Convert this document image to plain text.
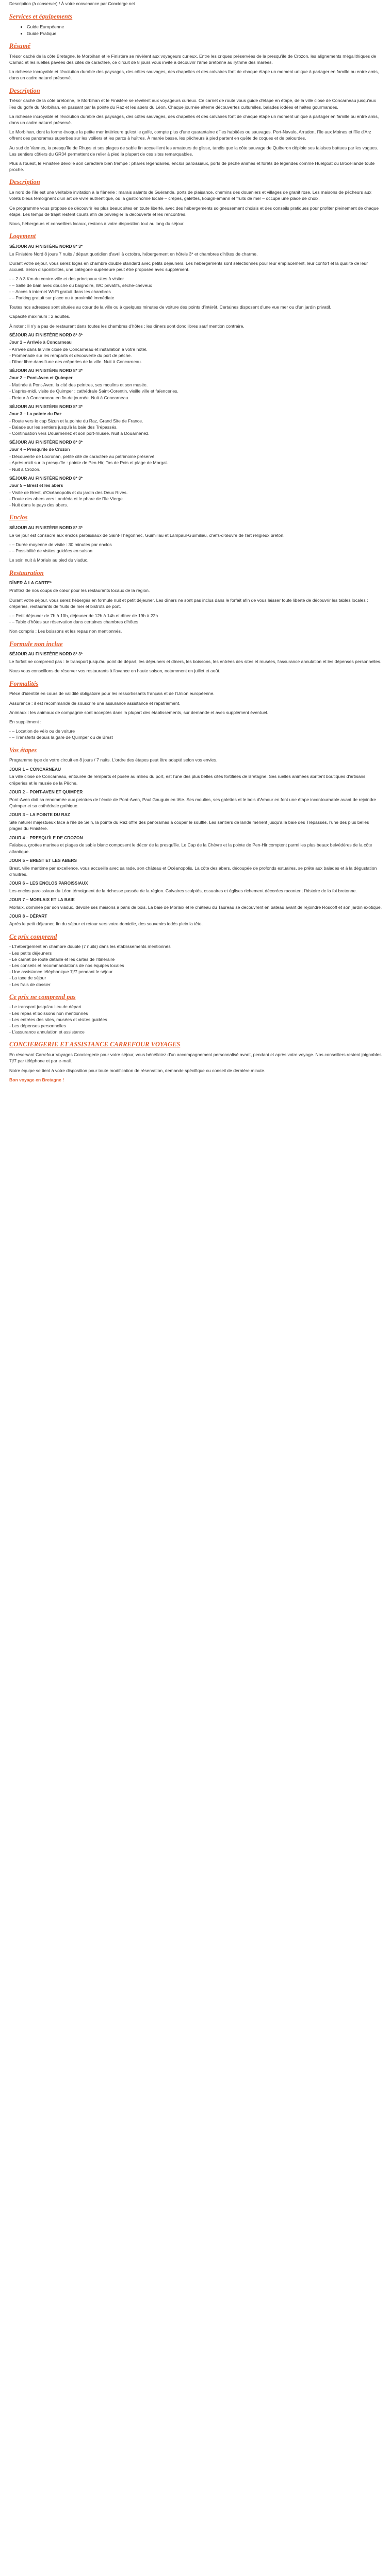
Description (à conserver) / À votre convenance par Concierge.net
Services et équipements
• Guide Européenne
• Guide Pratique
Résumé

Trésor caché de la côte Bretagne, le Morbihan et le Finistère se révèlent aux voyageurs curieux. Entre les criques préservées de la presqu'île de Crozon, les alignements mégalithiques de Carnac et les ruelles pavées des cités de caractère, ce circuit de 8 jours vous invite à découvrir l'âme bretonne au rythme des marées.

La richesse incroyable et l'évolution durable des paysages, des côtes sauvages, des chapelles et des calvaires font de chaque étape un moment unique à partager en famille ou entre amis, dans un cadre naturel préservé.

Description

Trésor caché de la côte bretonne, le Morbihan et le Finistère se révèlent aux voyageurs curieux. Ce carnet de route vous guide d'étape en étape, de la ville close de Concarneau jusqu'aux îles du golfe du Morbihan, en passant par la pointe du Raz et les abers du Léon. Chaque journée alterne découvertes culturelles, balades iodées et haltes gourmandes.

La richesse incroyable et l'évolution durable des paysages, des côtes sauvages, des chapelles et des calvaires font de chaque étape un moment unique à partager en famille ou entre amis, dans un cadre naturel préservé.

Le Morbihan, dont la forme évoque la petite mer intérieure qu'est le golfe, compte plus d'une quarantaine d'îles habitées ou sauvages. Port-Navalo, Arradon, l'île aux Moines et l'île d'Arz offrent des panoramas superbes sur les voiliers et les parcs à huîtres. À marée basse, les pêcheurs à pied partent en quête de coques et de palourdes.

Au sud de Vannes, la presqu'île de Rhuys et ses plages de sable fin accueillent les amateurs de glisse, tandis que la côte sauvage de Quiberon déploie ses falaises battues par les vagues. Les sentiers côtiers du GR34 permettent de relier à pied la plupart de ces sites remarquables.

Plus à l'ouest, le Finistère dévoile son caractère bien trempé : phares légendaires, enclos paroissiaux, ports de pêche animés et forêts de légendes comme Huelgoat ou Brocéliande toute proche.

Description

Le nord de l'île est une véritable invitation à la flânerie : marais salants de Guérande, ports de plaisance, chemins des douaniers et villages de granit rose. Les maisons de pêcheurs aux volets bleus témoignent d'un art de vivre authentique, où la gastronomie locale – crêpes, galettes, kouign-amann et fruits de mer – occupe une place de choix.

Ce programme vous propose de découvrir les plus beaux sites en toute liberté, avec des hébergements soigneusement choisis et des conseils pratiques pour profiter pleinement de chaque étape. Les temps de trajet restent courts afin de privilégier la découverte et les rencontres.

Nous, hébergeurs et conseillers locaux, restons à votre disposition tout au long du séjour.

Logement
SÉJOUR AU FINISTÈRE NORD 8* 3*

Le Finistère Nord 8 jours 7 nuits / départ quotidien d'avril à octobre, hébergement en hôtels 3* et chambres d'hôtes de charme.

Durant votre séjour, vous serez logés en chambre double standard avec petits déjeuners. Les hébergements sont sélectionnés pour leur emplacement, leur confort et la qualité de leur accueil. Selon disponibilités, une catégorie supérieure peut être proposée avec supplément.

- – 2 à 3 Km du centre-ville et des principaux sites à visiter
- – Salle de bain avec douche ou baignoire, WC privatifs, sèche-cheveux
- – Accès à internet Wi-Fi gratuit dans les chambres
- – Parking gratuit sur place ou à proximité immédiate

Toutes nos adresses sont situées au cœur de la ville ou à quelques minutes de voiture des points d'intérêt. Certaines disposent d'une vue mer ou d'un jardin privatif.

Capacité maximum : 2 adultes.

À noter : Il n'y a pas de restaurant dans toutes les chambres d'hôtes ; les dîners sont donc libres sauf mention contraire.

SÉJOUR AU FINISTÈRE NORD 8* 3*
Jour 1 – Arrivée à Concarneau
- Arrivée dans la ville close de Concarneau et installation à votre hôtel.
- Promenade sur les remparts et découverte du port de pêche.
- Dîner libre dans l'une des crêperies de la ville. Nuit à Concarneau.
SÉJOUR AU FINISTÈRE NORD 8* 3*
Jour 2 – Pont-Aven et Quimper
- Matinée à Pont-Aven, la cité des peintres, ses moulins et son musée.
- L'après-midi, visite de Quimper : cathédrale Saint-Corentin, vieille ville et faïenceries.
- Retour à Concarneau en fin de journée. Nuit à Concarneau.
SÉJOUR AU FINISTÈRE NORD 8* 3*
Jour 3 – La pointe du Raz
- Route vers le cap Sizun et la pointe du Raz, Grand Site de France.
- Balade sur les sentiers jusqu'à la baie des Trépassés.
- Continuation vers Douarnenez et son port-musée. Nuit à Douarnenez.
SÉJOUR AU FINISTÈRE NORD 8* 3*
Jour 4 – Presqu'île de Crozon
- Découverte de Locronan, petite cité de caractère au patrimoine préservé.
- Après-midi sur la presqu'île : pointe de Pen-Hir, Tas de Pois et plage de Morgat.
- Nuit à Crozon.
SÉJOUR AU FINISTÈRE NORD 8* 3*
Jour 5 – Brest et les abers
- Visite de Brest, d'Océanopolis et du jardin des Deux Rives.
- Route des abers vers Landéda et le phare de l'île Vierge.
- Nuit dans le pays des abers.
Enclos
SÉJOUR AU FINISTÈRE NORD 8* 3*

Le 6e jour est consacré aux enclos paroissiaux de Saint-Thégonnec, Guimiliau et Lampaul-Guimiliau, chefs-d'œuvre de l'art religieux breton.

- – Durée moyenne de visite : 30 minutes par enclos
- – Possibilité de visites guidées en saison

Le soir, nuit à Morlaix au pied du viaduc.

Restauration
DÎNER À LA CARTE*

Profitez de nos coups de cœur pour les restaurants locaux de la région.

Durant votre séjour, vous serez hébergés en formule nuit et petit déjeuner. Les dîners ne sont pas inclus dans le forfait afin de vous laisser toute liberté de découvrir les tables locales : crêperies, restaurants de fruits de mer et bistrots de port.

- – Petit déjeuner de 7h à 10h, déjeuner de 12h à 14h et dîner de 19h à 22h
- – Table d'hôtes sur réservation dans certaines chambres d'hôtes

Non compris : Les boissons et les repas non mentionnés.

Formule non inclue
SÉJOUR AU FINISTÈRE NORD 8* 3*

Le forfait ne comprend pas : le transport jusqu'au point de départ, les déjeuners et dîners, les boissons, les entrées des sites et musées, l'assurance annulation et les dépenses personnelles.

Nous vous conseillons de réserver vos restaurants à l'avance en haute saison, notamment en juillet et août.

Formalités

Pièce d'identité en cours de validité obligatoire pour les ressortissants français et de l'Union européenne.

Assurance : il est recommandé de souscrire une assurance assistance et rapatriement.

Animaux : les animaux de compagnie sont acceptés dans la plupart des établissements, sur demande et avec supplément éventuel.

En supplément :

- – Location de vélo ou de voiture
- – Transferts depuis la gare de Quimper ou de Brest
Vos étapes

Programme type de votre circuit en 8 jours / 7 nuits. L'ordre des étapes peut être adapté selon vos envies.

JOUR 1 – CONCARNEAU

La ville close de Concarneau, entourée de remparts et posée au milieu du port, est l'une des plus belles cités fortifiées de Bretagne. Ses ruelles animées abritent boutiques d'artisans, crêperies et le musée de la Pêche.

JOUR 2 – PONT-AVEN ET QUIMPER

Pont-Aven doit sa renommée aux peintres de l'école de Pont-Aven, Paul Gauguin en tête. Ses moulins, ses galettes et le bois d'Amour en font une étape incontournable avant de rejoindre Quimper et sa cathédrale gothique.

JOUR 3 – LA POINTE DU RAZ

Site naturel majestueux face à l'île de Sein, la pointe du Raz offre des panoramas à couper le souffle. Les sentiers de lande mènent jusqu'à la baie des Trépassés, l'une des plus belles plages du Finistère.

JOUR 4 – PRESQU'ÎLE DE CROZON

Falaises, grottes marines et plages de sable blanc composent le décor de la presqu'île. Le Cap de la Chèvre et la pointe de Pen-Hir comptent parmi les plus beaux belvédères de la côte atlantique.

JOUR 5 – BREST ET LES ABERS

Brest, ville maritime par excellence, vous accueille avec sa rade, son château et Océanopolis. La côte des abers, découpée de profonds estuaires, se prête aux balades et à la dégustation d'huîtres.

JOUR 6 – LES ENCLOS PAROISSIAUX

Les enclos paroissiaux du Léon témoignent de la richesse passée de la région. Calvaires sculptés, ossuaires et églises richement décorées racontent l'histoire de la foi bretonne.

JOUR 7 – MORLAIX ET LA BAIE

Morlaix, dominée par son viaduc, dévoile ses maisons à pans de bois. La baie de Morlaix et le château du Taureau se découvrent en bateau avant de rejoindre Roscoff et son jardin exotique.

JOUR 8 – DÉPART

Après le petit déjeuner, fin du séjour et retour vers votre domicile, des souvenirs iodés plein la tête.

Ce prix comprend
- L'hébergement en chambre double (7 nuits) dans les établissements mentionnés
- Les petits déjeuners
- Le carnet de route détaillé et les cartes de l'itinéraire
- Les conseils et recommandations de nos équipes locales
- Une assistance téléphonique 7j/7 pendant le séjour
- La taxe de séjour
- Les frais de dossier
Ce prix ne comprend pas
- Le transport jusqu'au lieu de départ
- Les repas et boissons non mentionnés
- Les entrées des sites, musées et visites guidées
- Les dépenses personnelles
- L'assurance annulation et assistance
CONCIERGERIE ET ASSISTANCE CARREFOUR VOYAGES

En réservant Carrefour Voyages Conciergerie pour votre séjour, vous bénéficiez d'un accompagnement personnalisé avant, pendant et après votre voyage. Nos conseillers restent joignables 7j/7 par téléphone et par e-mail.

Notre équipe se tient à votre disposition pour toute modification de réservation, demande spécifique ou conseil de dernière minute.

Bon voyage en Bretagne !
